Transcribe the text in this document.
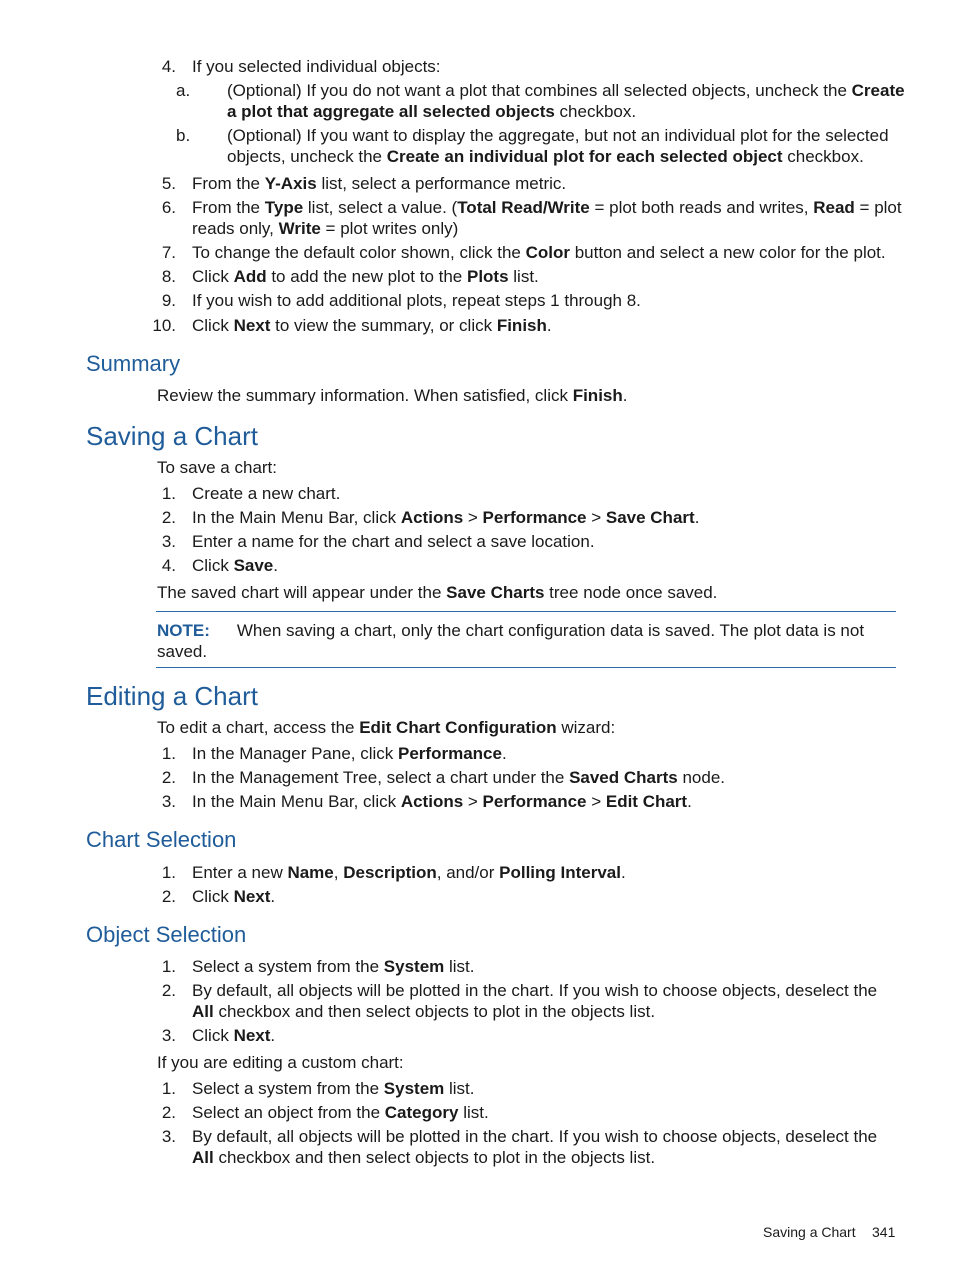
4. If you selected individual objects:
a.	(Optional) If you do not want a plot that combines all selected objects, uncheck the Create
a plot that aggregate all selected objects checkbox.
b.	(Optional) If you want to display the aggregate, but not an individual plot for the selected
objects, uncheck the Create an individual plot for each selected object checkbox.
5. From the Y-Axis list, select a performance metric.
6. From the Type list, select a value. (Total Read/Write = plot both reads and writes, Read = plot
reads only, Write = plot writes only)
7. To change the default color shown, click the Color button and select a new color for the plot.
8. Click Add to add the new plot to the Plots list.
9. If you wish to add additional plots, repeat steps 1 through 8.
10. Click Next to view the summary, or click Finish.
Summary
Review the summary information. When satisfied, click Finish.
Saving a Chart
To save a chart:
1. Create a new chart.
2. In the Main Menu Bar, click Actions > Performance > Save Chart.
3. Enter a name for the chart and select a save location.
4. Click Save.
The saved chart will appear under the Save Charts tree node once saved.
NOTE: When saving a chart, only the chart configuration data is saved. The plot data is not
saved.
Editing a Chart
To edit a chart, access the Edit Chart Configuration wizard:
1. In the Manager Pane, click Performance.
2. In the Management Tree, select a chart under the Saved Charts node.
3. In the Main Menu Bar, click Actions > Performance > Edit Chart.
Chart Selection
1. Enter a new Name, Description, and/or Polling Interval.
2. Click Next.
Object Selection
1. Select a system from the System list.
2. By default, all objects will be plotted in the chart. If you wish to choose objects, deselect the
All checkbox and then select objects to plot in the objects list.
3. Click Next.
If you are editing a custom chart:
1. Select a system from the System list.
2. Select an object from the Category list.
3. By default, all objects will be plotted in the chart. If you wish to choose objects, deselect the
All checkbox and then select objects to plot in the objects list.
Saving a Chart 341
